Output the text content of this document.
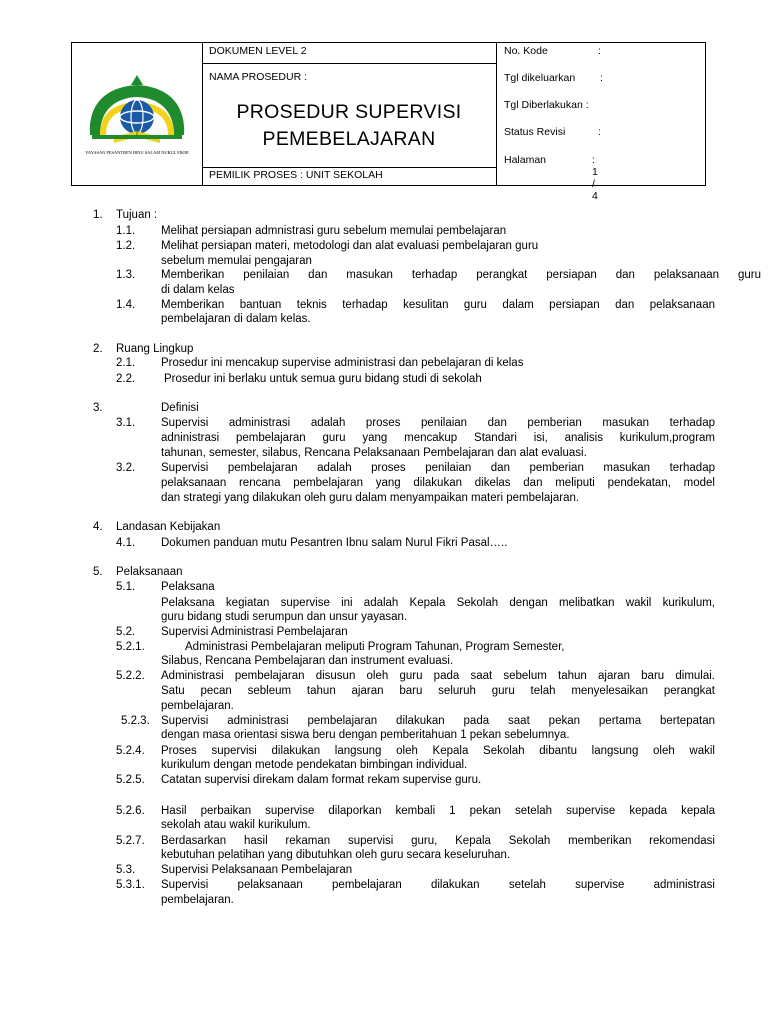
YAYASAN PESANTREN IBNU SALAM NURUL FIKRI
DOKUMEN LEVEL 2
NAMA PROSEDUR :
PROSEDUR SUPERVISI
PEMEBELAJARAN
PEMILIK PROSES : UNIT SEKOLAH
No. Kode	:
Tgl dikeluarkan :
Tgl Diberlakukan :
Status Revisi	:
Halaman	: 1 / 4
1. Tujuan :
1.1. Melihat persiapan admnistrasi guru sebelum memulai pembelajaran
1.2. Melihat persiapan materi, metodologi dan alat evaluasi pembelajaran guru
sebelum memulai pengajaran
1.3. Memberikan penilaian dan masukan terhadap perangkat persiapan dan pelaksanaan guru
di dalam kelas
1.4. Memberikan bantuan teknis terhadap kesulitan guru dalam persiapan dan pelaksanaan
pembelajaran di dalam kelas.
2. Ruang Lingkup
2.1. Prosedur ini mencakup supervise administrasi dan pebelajaran di kelas
2.2.	Prosedur ini berlaku untuk semua guru bidang studi di sekolah
3.	Definisi
3.1. Supervisi administrasi adalah proses penilaian dan pemberian masukan terhadap
adninistrasi pembelajaran guru yang mencakup Standari isi, analisis kurikulum,program
tahunan, semester, silabus, Rencana Pelaksanaan Pembelajaran dan alat evaluasi.
3.2. Supervisi pembelajaran adalah proses penilaian dan pemberian masukan terhadap
pelaksanaan rencana pembelajaran yang dilakukan dikelas dan meliputi pendekatan, model
dan strategi yang dilakukan oleh guru dalam menyampaikan materi pembelajaran.
4. Landasan Kebijakan
4.1. Dokumen panduan mutu Pesantren Ibnu salam Nurul Fikri Pasal…..
5. Pelaksanaan
5.1. Pelaksana
Pelaksana kegiatan supervise ini adalah Kepala Sekolah dengan melibatkan wakil kurikulum,
guru bidang studi serumpun dan unsur yayasan.
5.2. Supervisi Administrasi Pembelajaran
5.2.1.	Administrasi Pembelajaran meliputi Program Tahunan, Program Semester,
Silabus, Rencana Pembelajaran dan instrument evaluasi.
5.2.2. Administrasi pembelajaran disusun oleh guru pada saat sebelum tahun ajaran baru dimulai.
Satu pecan sebleum tahun ajaran baru seluruh guru telah menyelesaikan perangkat
pembelajaran.
5.2.3. Supervisi administrasi pembelajaran dilakukan pada saat pekan pertama bertepatan
dengan masa orientasi siswa beru dengan pemberitahuan 1 pekan sebelumnya.
5.2.4. Proses supervisi dilakukan langsung oleh Kepala Sekolah dibantu langsung oleh wakil
kurikulum dengan metode pendekatan bimbingan individual.
5.2.5. Catatan supervisi direkam dalam format rekam supervise guru.
5.2.6. Hasil perbaikan supervise dilaporkan kembali 1 pekan setelah supervise kepada kepala
sekolah atau wakil kurikulum.
5.2.7. Berdasarkan hasil rekaman supervisi guru, Kepala Sekolah memberikan rekomendasi
kebutuhan pelatihan yang dibutuhkan oleh guru secara keseluruhan.
5.3. Supervisi Pelaksanaan Pembelajaran
5.3.1. Supervisi pelaksanaan pembelajaran dilakukan setelah supervise administrasi
pembelajaran.
